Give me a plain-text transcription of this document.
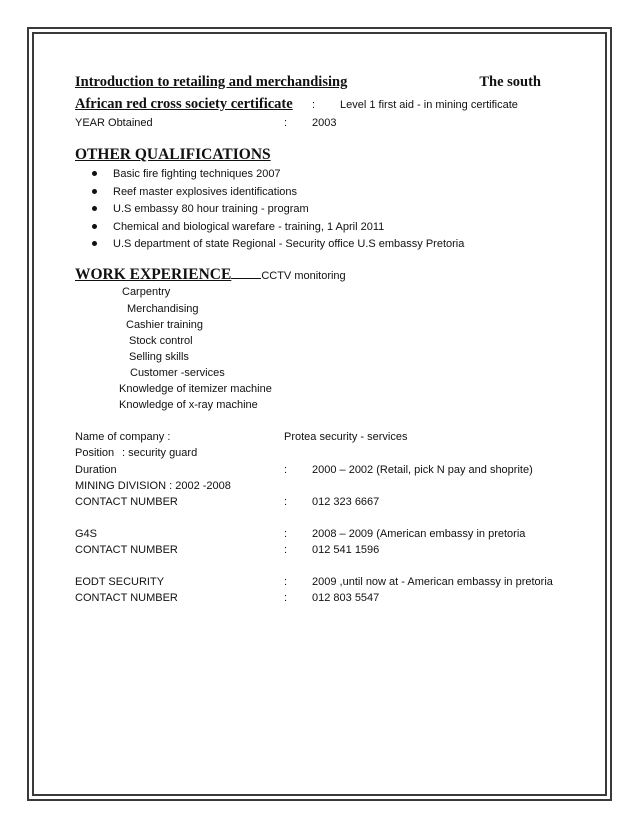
Introduction to retailing and merchandising	The south
African red cross society certificate : Level 1 first aid - in mining certificate
YEAR Obtained	: 2003
OTHER QUALIFICATIONS
Basic fire fighting techniques 2007
Reef master explosives identifications
U.S embassy 80 hour training - program
Chemical and biological warefare - training, 1 April 2011
U.S department of state Regional - Security office U.S embassy Pretoria
WORK EXPERIENCE	CCTV monitoring
Carpentry
Merchandising
Cashier training
Stock control
Selling skills
Customer -services
Knowledge of itemizer machine
Knowledge of x-ray machine
Name of company :	Protea security - services
Position : security guard
Duration	: 2000 – 2002 (Retail, pick N pay and shoprite)
MINING DIVISION : 2002 -2008
CONTACT NUMBER	: 012 323 6667
G4S	: 2008 – 2009 (American embassy in pretoria
CONTACT NUMBER	: 012 541 1596
EODT SECURITY	: 2009 ,until now at - American embassy in pretoria
CONTACT NUMBER	: 012 803 5547
